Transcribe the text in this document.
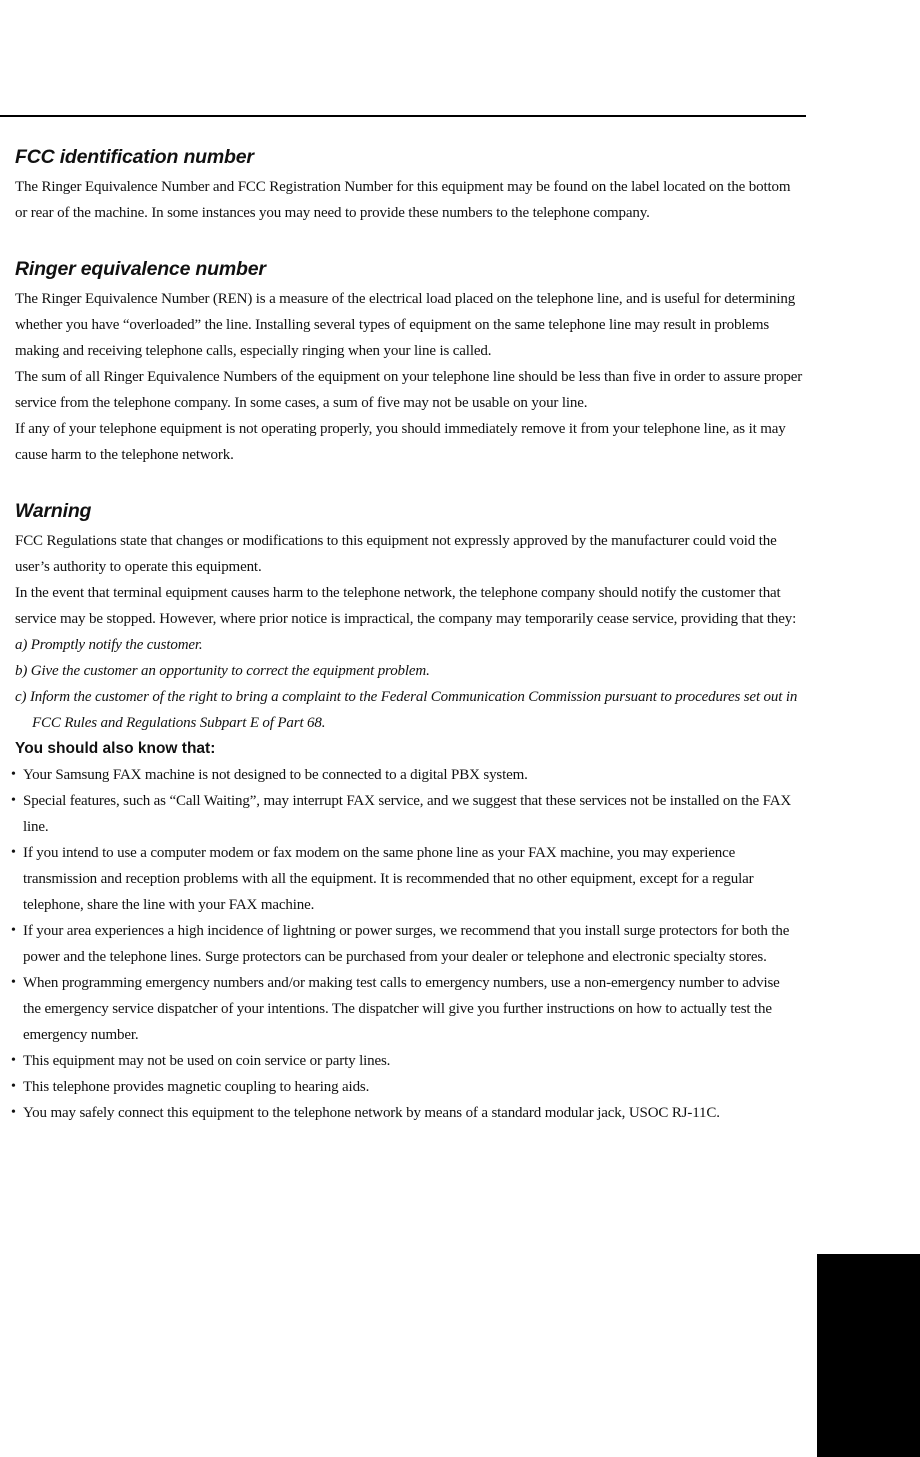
FCC identification number

The Ringer Equivalence Number and FCC Registration Number for this equipment may be found on the label located on the bottom or rear of the machine. In some instances you may need to provide these numbers to the telephone company.

Ringer equivalence number

The Ringer Equivalence Number (REN) is a measure of the electrical load placed on the telephone line, and is useful for determining whether you have “overloaded” the line. Installing several types of equipment on the same telephone line may result in problems making and receiving telephone calls, especially ringing when your line is called.

The sum of all Ringer Equivalence Numbers of the equipment on your telephone line should be less than five in order to assure proper service from the telephone company. In some cases, a sum of five may not be usable on your line.

If any of your telephone equipment is not operating properly, you should immediately remove it from your telephone line, as it may cause harm to the telephone network.

Warning

FCC Regulations state that changes or modifications to this equipment not expressly approved by the manufacturer could void the user’s authority to operate this equipment.

In the event that terminal equipment causes harm to the telephone network, the telephone company should notify the customer that service may be stopped. However, where prior notice is impractical, the company may temporarily cease service, providing that they:

a) Promptly notify the customer.

b) Give the customer an opportunity to correct the equipment problem.

c) Inform the customer of the right to bring a complaint to the Federal Communication Commission pursuant to procedures set out in FCC Rules and Regulations Subpart E of Part 68.

You should also know that:
• Your Samsung FAX machine is not designed to be connected to a digital PBX system.
• Special features, such as “Call Waiting”, may interrupt FAX service, and we suggest that these services not be installed on the FAX line.
• If you intend to use a computer modem or fax modem on the same phone line as your FAX machine, you may experience transmission and reception problems with all the equipment. It is recommended that no other equipment, except for a regular telephone, share the line with your FAX machine.
• If your area experiences a high incidence of lightning or power surges, we recommend that you install surge protectors for both the power and the telephone lines. Surge protectors can be purchased from your dealer or telephone and electronic specialty stores.
• When programming emergency numbers and/or making test calls to emergency numbers, use a non-emergency number to advise the emergency service dispatcher of your intentions. The dispatcher will give you further instructions on how to actually test the emergency number.
• This equipment may not be used on coin service or party lines.
• This telephone provides magnetic coupling to hearing aids.
• You may safely connect this equipment to the telephone network by means of a standard modular jack, USOC RJ-11C.
